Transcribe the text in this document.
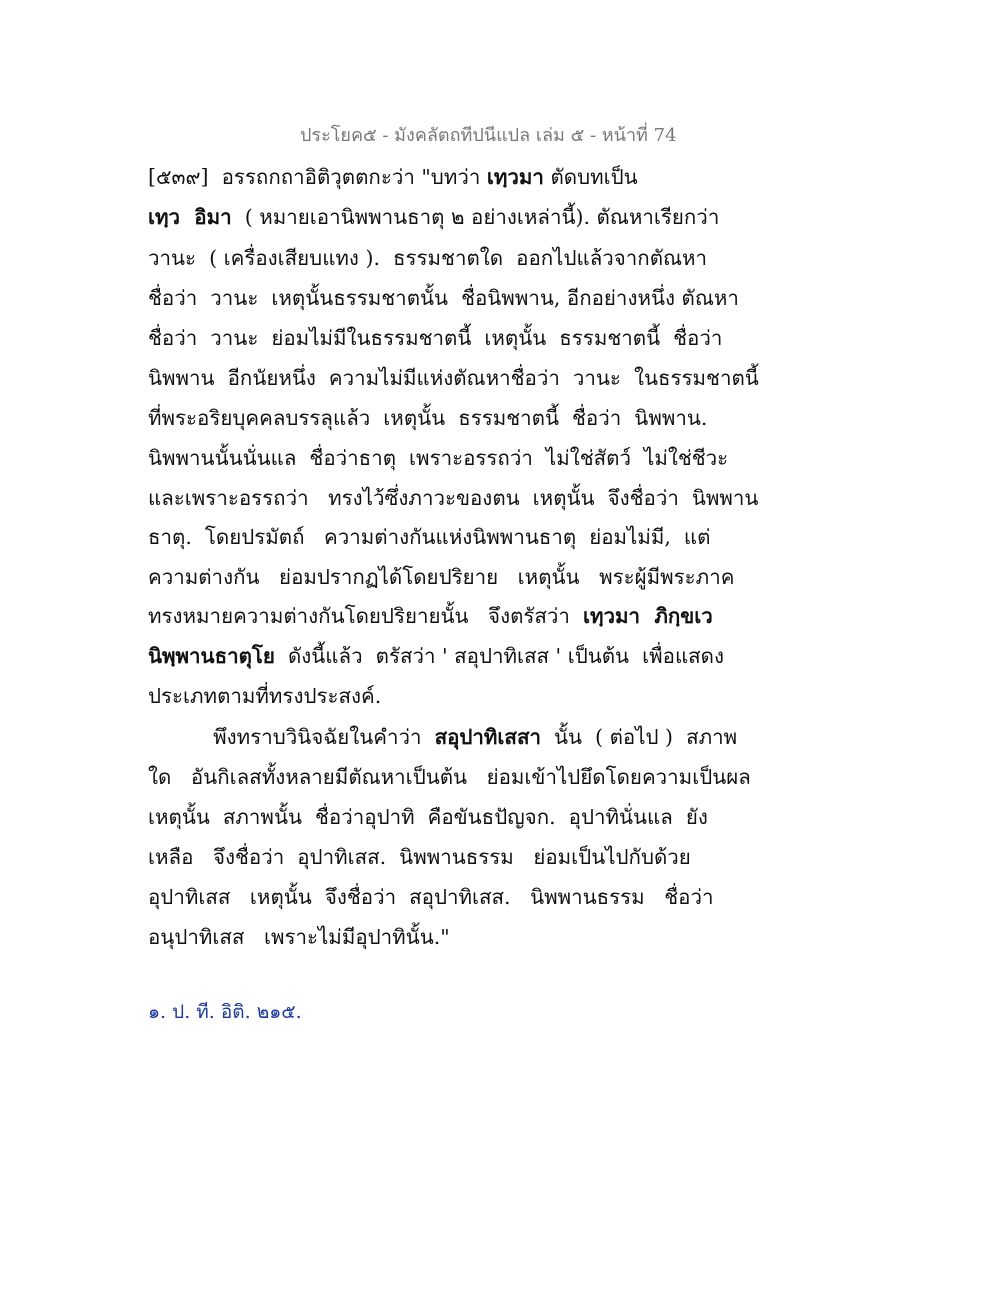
ประโยค๕ - มังคลัตถทีปนีแปล เล่ม ๕ - หน้าที่ 74
[๕๓๙]  อรรถกถาอิติวุตตกะว่า "บทว่า เทฺวมา ตัดบทเป็น
เทฺว  อิมา  ( หมายเอานิพพานธาตุ ๒ อย่างเหล่านี้). ตัณหาเรียกว่า
วานะ  ( เครื่องเสียบแทง ).  ธรรมชาตใด  ออกไปแล้วจากตัณหา
ชื่อว่า  วานะ  เหตุนั้นธรรมชาตนั้น  ชื่อนิพพาน, อีกอย่างหนึ่ง ตัณหา
ชื่อว่า  วานะ  ย่อมไม่มีในธรรมชาตนี้  เหตุนั้น  ธรรมชาตนี้  ชื่อว่า
นิพพาน  อีกนัยหนึ่ง  ความไม่มีแห่งตัณหาชื่อว่า  วานะ  ในธรรมชาตนี้
ที่พระอริยบุคคลบรรลุแล้ว  เหตุนั้น  ธรรมชาตนี้  ชื่อว่า  นิพพาน.
นิพพานนั้นนั่นแล  ชื่อว่าธาตุ  เพราะอรรถว่า  ไม่ใช่สัตว์  ไม่ใช่ชีวะ
และเพราะอรรถว่า   ทรงไว้ซึ่งภาวะของตน  เหตุนั้น  จึงชื่อว่า  นิพพาน
ธาตุ.  โดยปรมัตถ์   ความต่างกันแห่งนิพพานธาตุ  ย่อมไม่มี,  แต่
ความต่างกัน   ย่อมปรากฏได้โดยปริยาย   เหตุนั้น   พระผู้มีพระภาค
ทรงหมายความต่างกันโดยปริยายนั้น   จึงตรัสว่า  เทฺวมา  ภิกฺขเว
นิพฺพานธาตุโย  ดังนี้แล้ว  ตรัสว่า ' สอุปาทิเสส ' เป็นต้น  เพื่อแสดง
ประเภทตามที่ทรงประสงค์.
พึงทราบวินิจฉัยในคำว่า  สอุปาทิเสสา  นั้น  ( ต่อไป )  สภาพ
ใด   อันกิเลสทั้งหลายมีตัณหาเป็นต้น   ย่อมเข้าไปยึดโดยความเป็นผล
เหตุนั้น  สภาพนั้น  ชื่อว่าอุปาทิ  คือขันธปัญจก.  อุปาทินั่นแล  ยัง
เหลือ   จึงชื่อว่า  อุปาทิเสส.  นิพพานธรรม   ย่อมเป็นไปกับด้วย
อุปาทิเสส   เหตุนั้น  จึงชื่อว่า  สอุปาทิเสส.   นิพพานธรรม   ชื่อว่า
อนุปาทิเสส   เพราะไม่มีอุปาทินั้น."
๑. ป. ที. อิติ. ๒๑๕.
